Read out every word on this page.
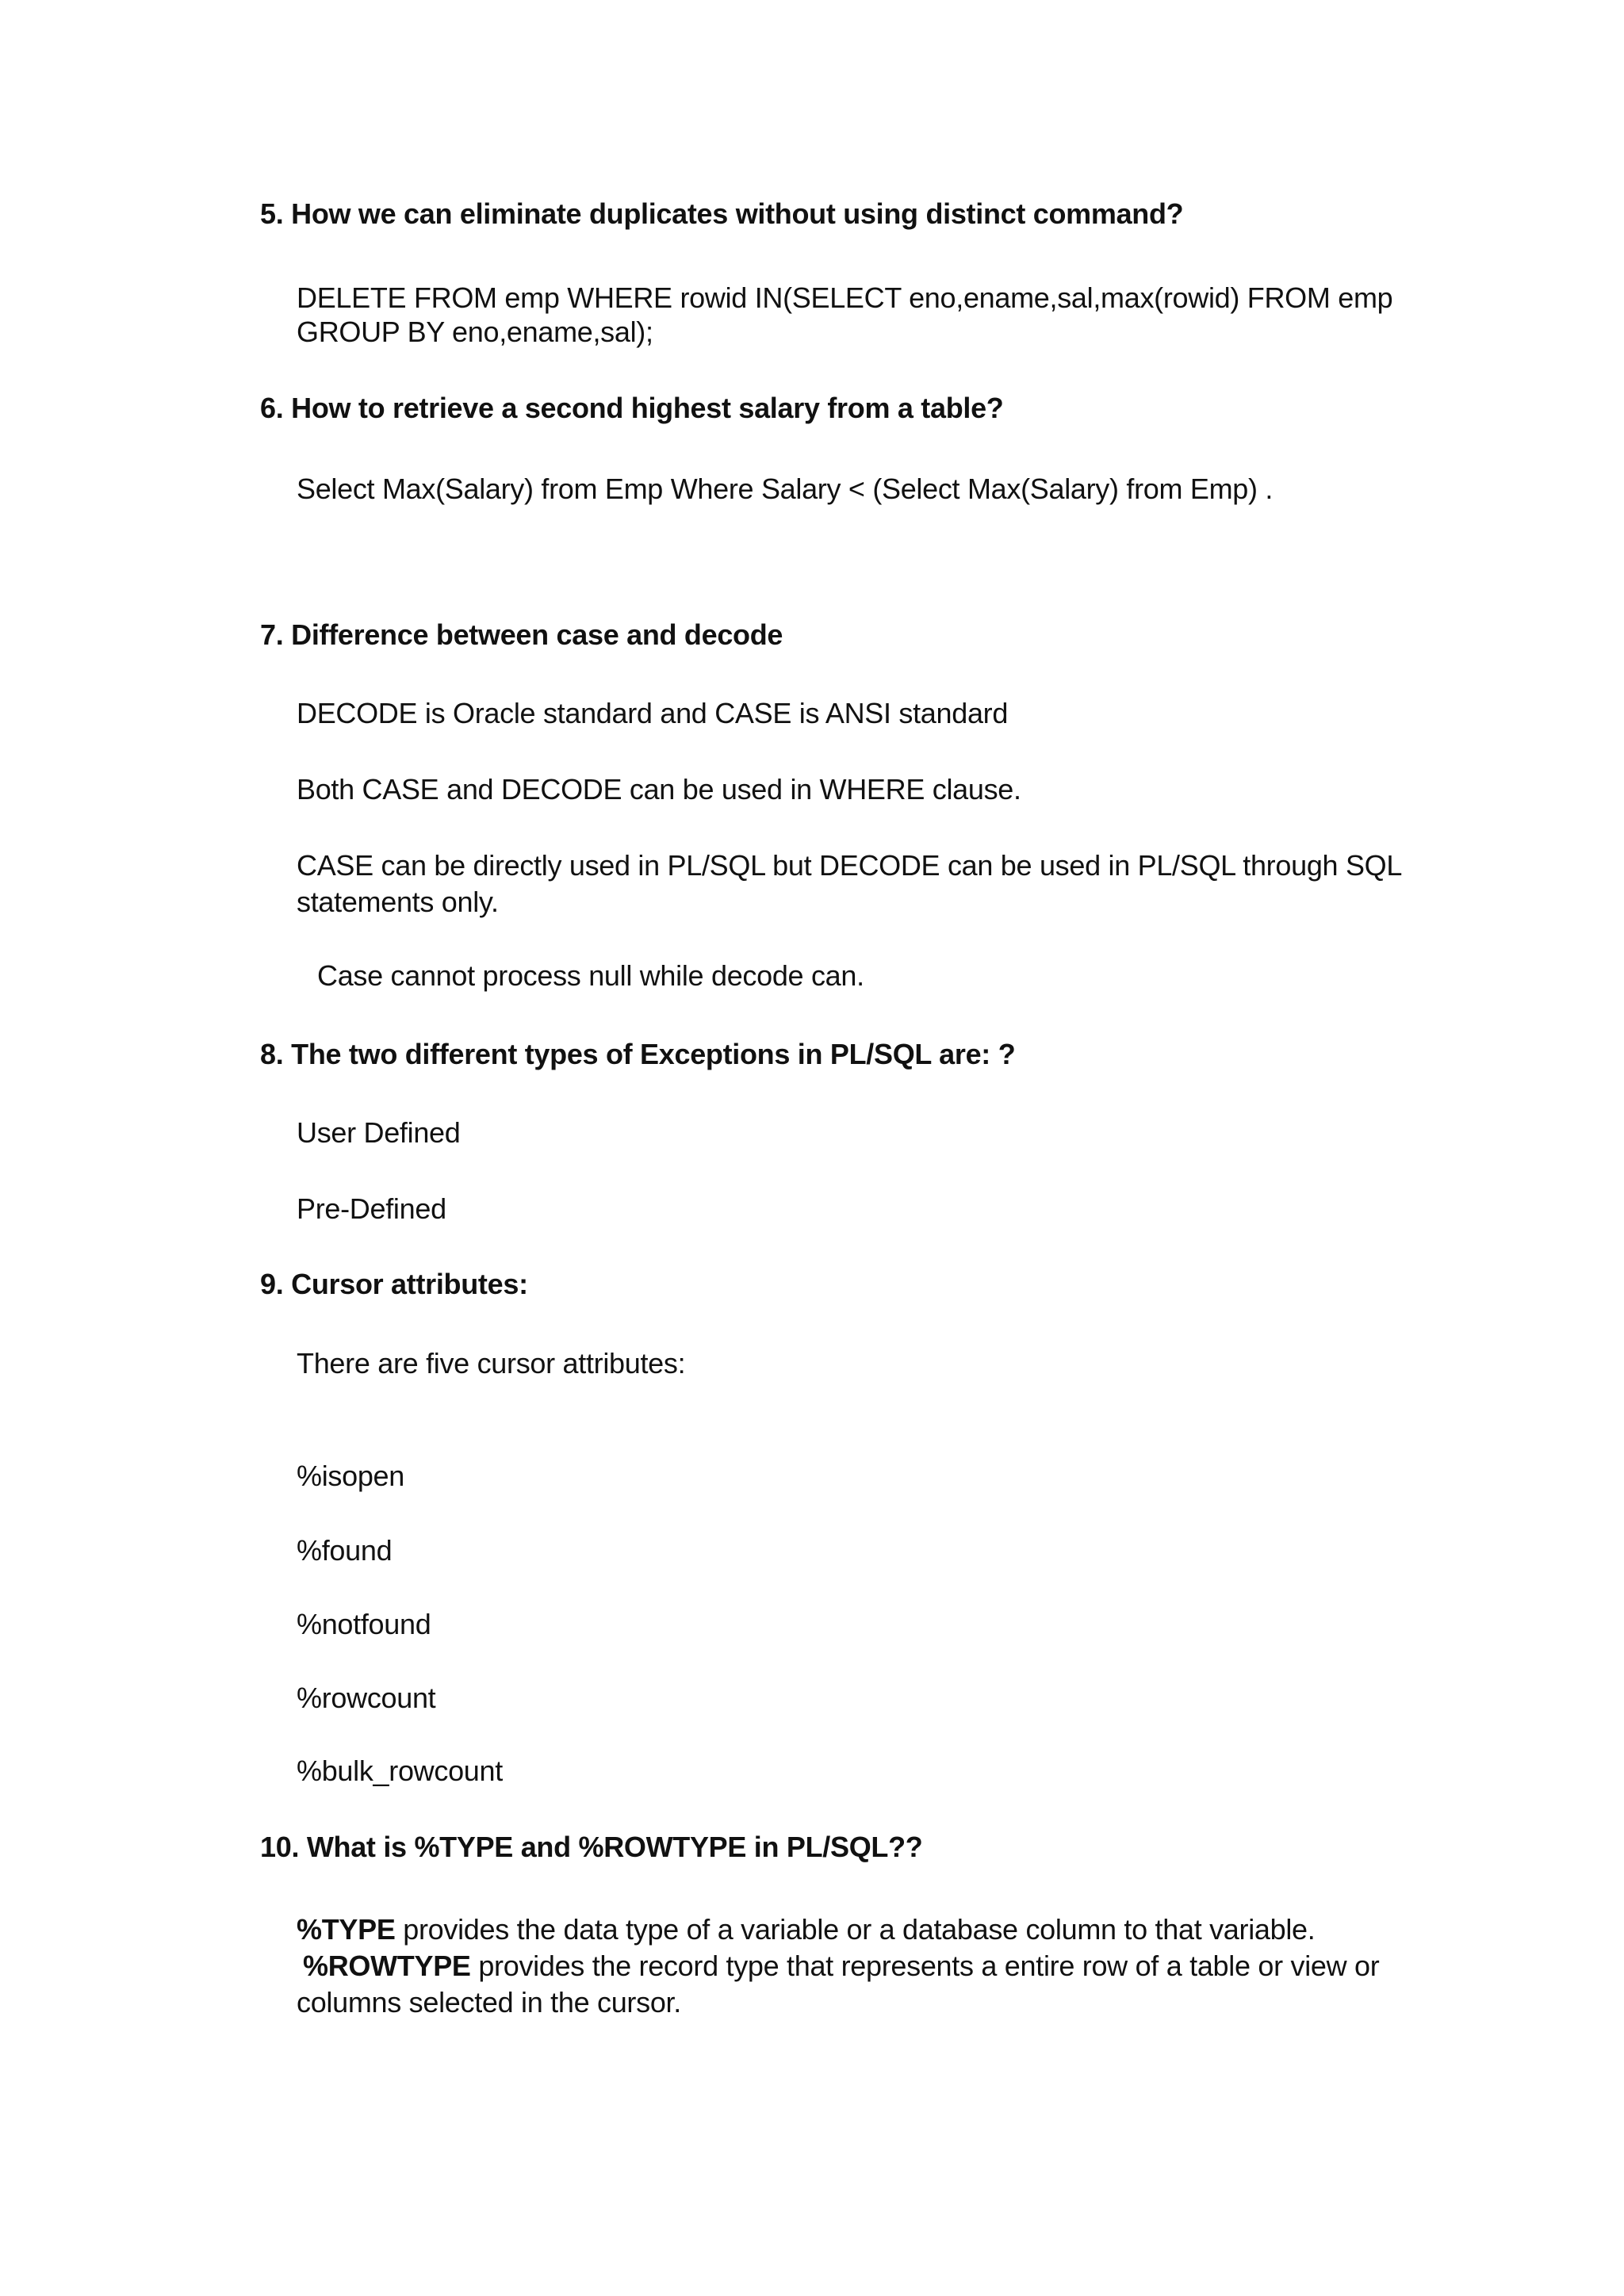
5. How we can eliminate duplicates without using distinct command?
DELETE FROM emp WHERE rowid IN(SELECT eno,ename,sal,max(rowid) FROM emp
GROUP BY eno,ename,sal);
6. How to retrieve a second highest salary from a table?
Select Max(Salary) from Emp Where Salary < (Select Max(Salary) from Emp) .
7. Difference between case and decode
DECODE is Oracle standard and CASE is ANSI standard
Both CASE and DECODE can be used in WHERE clause.
CASE can be directly used in PL/SQL but DECODE can be used in PL/SQL through SQL
statements only.
Case cannot process null while decode can.
8. The two different types of Exceptions in PL/SQL are: ?
User Defined
Pre-Defined
9. Cursor attributes:
There are five cursor attributes:
%isopen
%found
%notfound
%rowcount
%bulk_rowcount
10. What is %TYPE and %ROWTYPE in PL/SQL??
%TYPE provides the data type of a variable or a database column to that variable.
%ROWTYPE provides the record type that represents a entire row of a table or view or
columns selected in the cursor.
